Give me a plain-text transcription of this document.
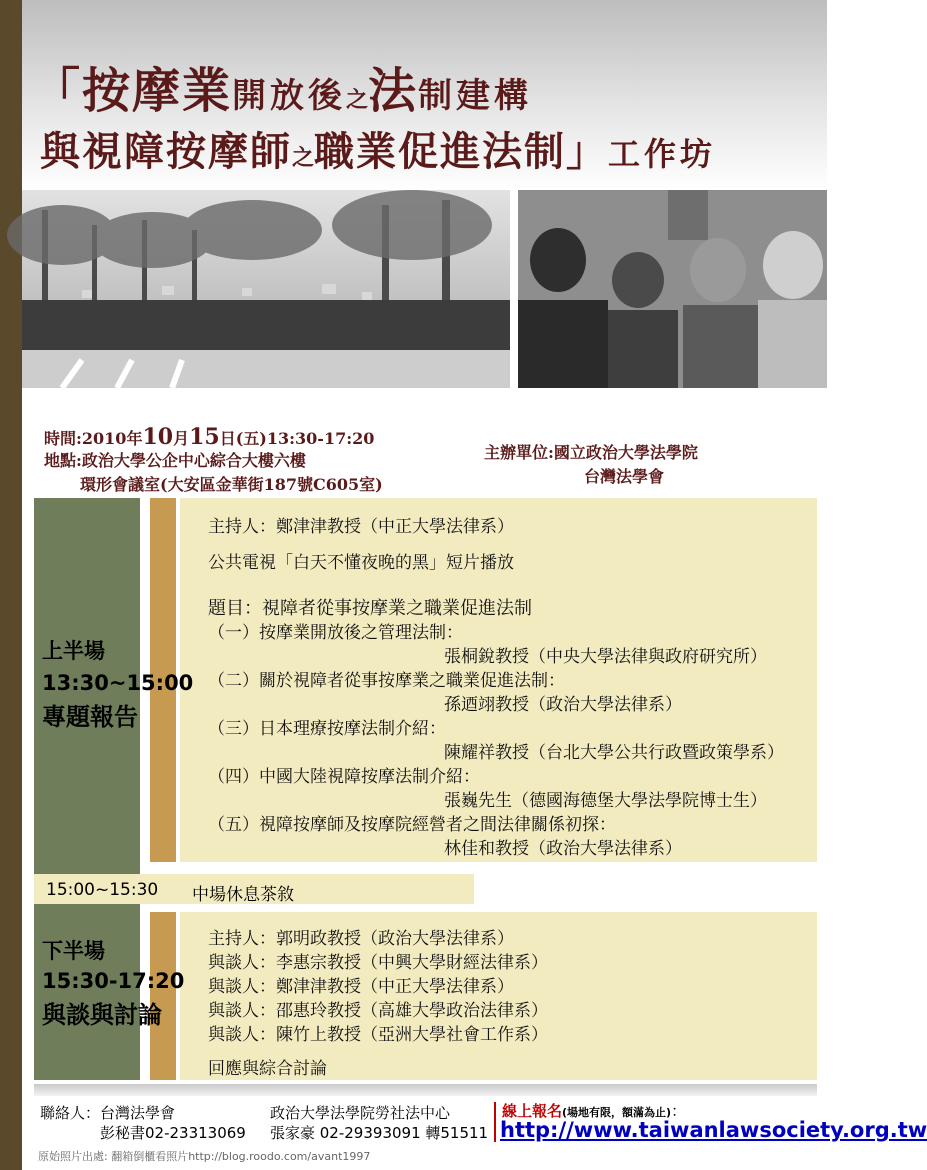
「按摩業開放後之法制建構
與視障按摩師之職業促進法制」工作坊
時間:2010年10月15日(五)13:30-17:20
地點:政治大學公企中心綜合大樓六樓
環形會議室(大安區金華街187號C605室)
主辦單位:國立政治大學法學院
台灣法學會
上半場
13:30~15:00
專題報告
主持人：鄭津津教授（中正大學法律系）
公共電視「白天不懂夜晚的黑」短片播放
題目：視障者從事按摩業之職業促進法制
（一）按摩業開放後之管理法制：
張桐銳教授（中央大學法律與政府研究所）
（二）關於視障者從事按摩業之職業促進法制：
孫迺翊教授（政治大學法律系）
（三）日本理療按摩法制介紹：
陳耀祥教授（台北大學公共行政暨政策學系）
（四）中國大陸視障按摩法制介紹：
張巍先生（德國海德堡大學法學院博士生）
（五）視障按摩師及按摩院經營者之間法律關係初探：
林佳和教授（政治大學法律系）
15:00~15:30 中場休息茶敘
下半場
15:30-17:20
與談與討論
主持人：郭明政教授（政治大學法律系）
與談人：李惠宗教授（中興大學財經法律系）
與談人：鄭津津教授（中正大學法律系）
與談人：邵惠玲教授（高雄大學政治法律系）
與談人：陳竹上教授（亞洲大學社會工作系）
回應與綜合討論
聯絡人：台灣法學會
彭秘書02-23313069
政治大學法學院勞社法中心
張家豪 02-29393091 轉51511
線上報名(場地有限，額滿為止)：
http://www.taiwanlawsociety.org.tw
原始照片出處: 翻箱倒櫃看照片http://blog.roodo.com/avant1997
